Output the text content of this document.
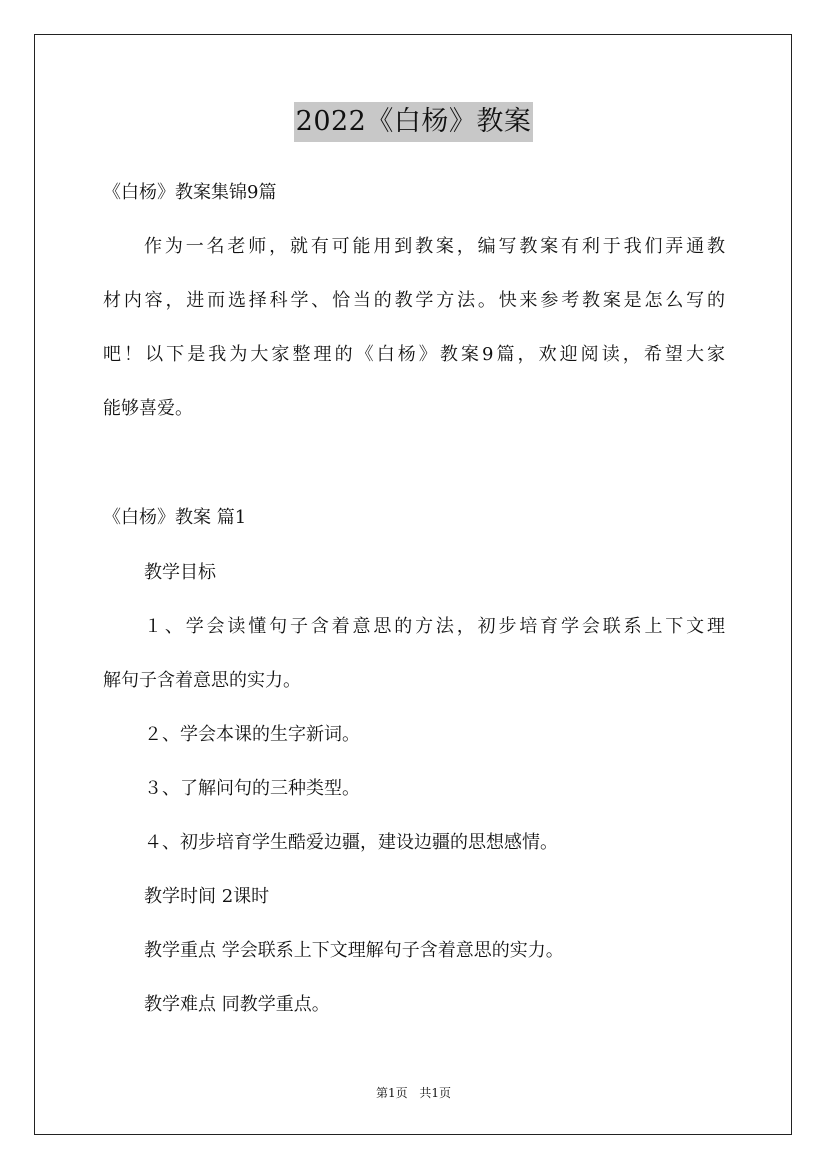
2022《白杨》教案
《白杨》教案集锦9篇
作为一名老师，就有可能用到教案，编写教案有利于我们弄通教
材内容，进而选择科学、恰当的教学方法。快来参考教案是怎么写的
吧！以下是我为大家整理的《白杨》教案9篇，欢迎阅读，希望大家
能够喜爱。
《白杨》教案 篇1
教学目标
１、学会读懂句子含着意思的方法，初步培育学会联系上下文理
解句子含着意思的实力。
２、学会本课的生字新词。
３、了解问句的三种类型。
４、初步培育学生酷爱边疆，建设边疆的思想感情。
教学时间 2课时
教学重点 学会联系上下文理解句子含着意思的实力。
教学难点 同教学重点。
第1页 共1页
